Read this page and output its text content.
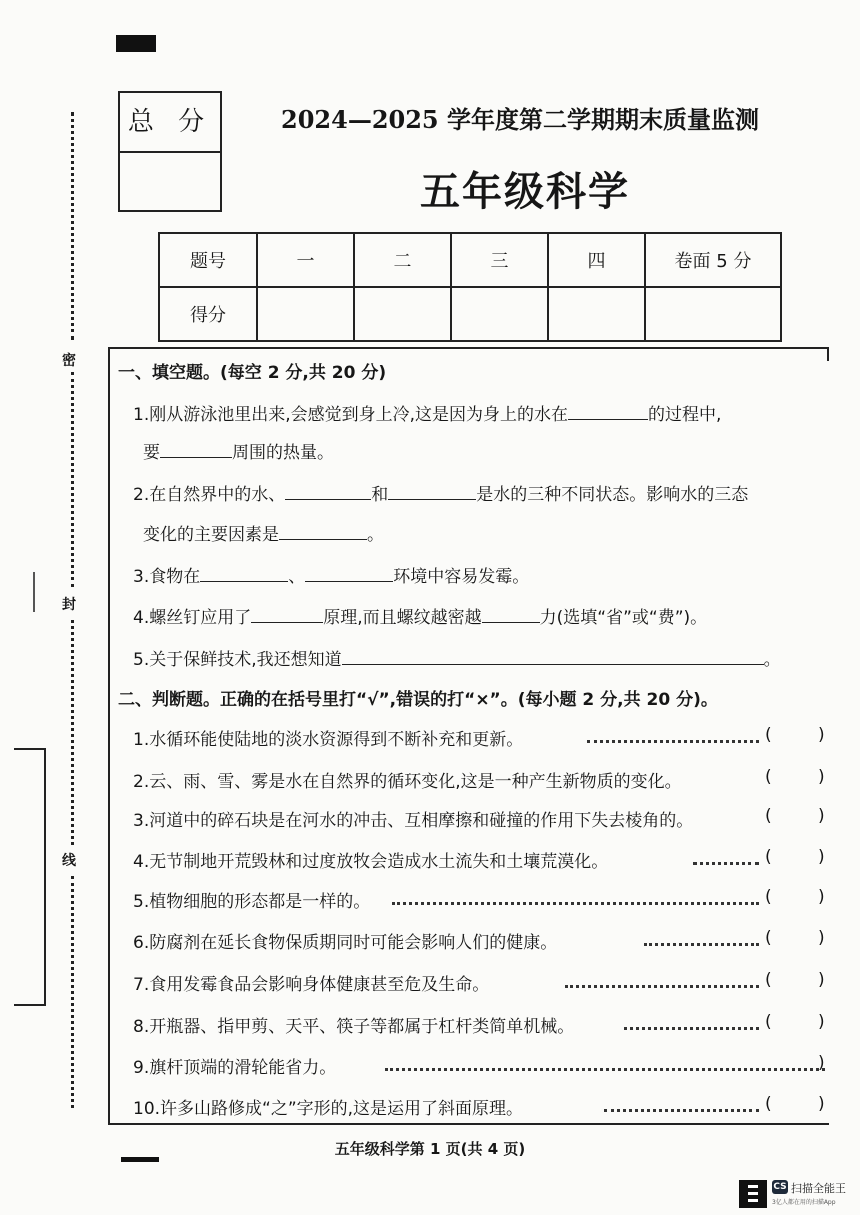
密
封
线
总 分	2024—2025 学年度第二学期期末质量监测
五年级科学
题号	一	二	三	四	卷面 5 分
得分					
一、填空题。(每空 2 分,共 20 分)
1.刚从游泳池里出来,会感觉到身上冷,这是因为身上的水在	的过程中,
要	周围的热量。
2.在自然界中的水、	和	是水的三种不同状态。影响水的三态
变化的主要因素是	。
3.食物在	、	环境中容易发霉。
4.螺丝钉应用了	原理,而且螺纹越密越	力(选填“省”或“费”)。
5.关于保鲜技术,我还想知道	。
二、判断题。正确的在括号里打“√”,错误的打“×”。(每小题 2 分,共 20 分)。
1.水循环能使陆地的淡水资源得到不断补充和更新。	(	)
2.云、雨、雪、雾是水在自然界的循环变化,这是一种产生新物质的变化。	(	)
3.河道中的碎石块是在河水的冲击、互相摩擦和碰撞的作用下失去棱角的。	(	)
4.无节制地开荒毁林和过度放牧会造成水土流失和土壤荒漠化。	(	)
5.植物细胞的形态都是一样的。	(	)
6.防腐剂在延长食物保质期同时可能会影响人们的健康。	(	)
7.食用发霉食品会影响身体健康甚至危及生命。	(	)
8.开瓶器、指甲剪、天平、筷子等都属于杠杆类简单机械。	(	)
9.旗杆顶端的滑轮能省力。	)
10.许多山路修成“之”字形的,这是运用了斜面原理。	(	)
五年级科学第 1 页(共 4 页)
CS 扫描全能王
3亿人都在用的扫描App
